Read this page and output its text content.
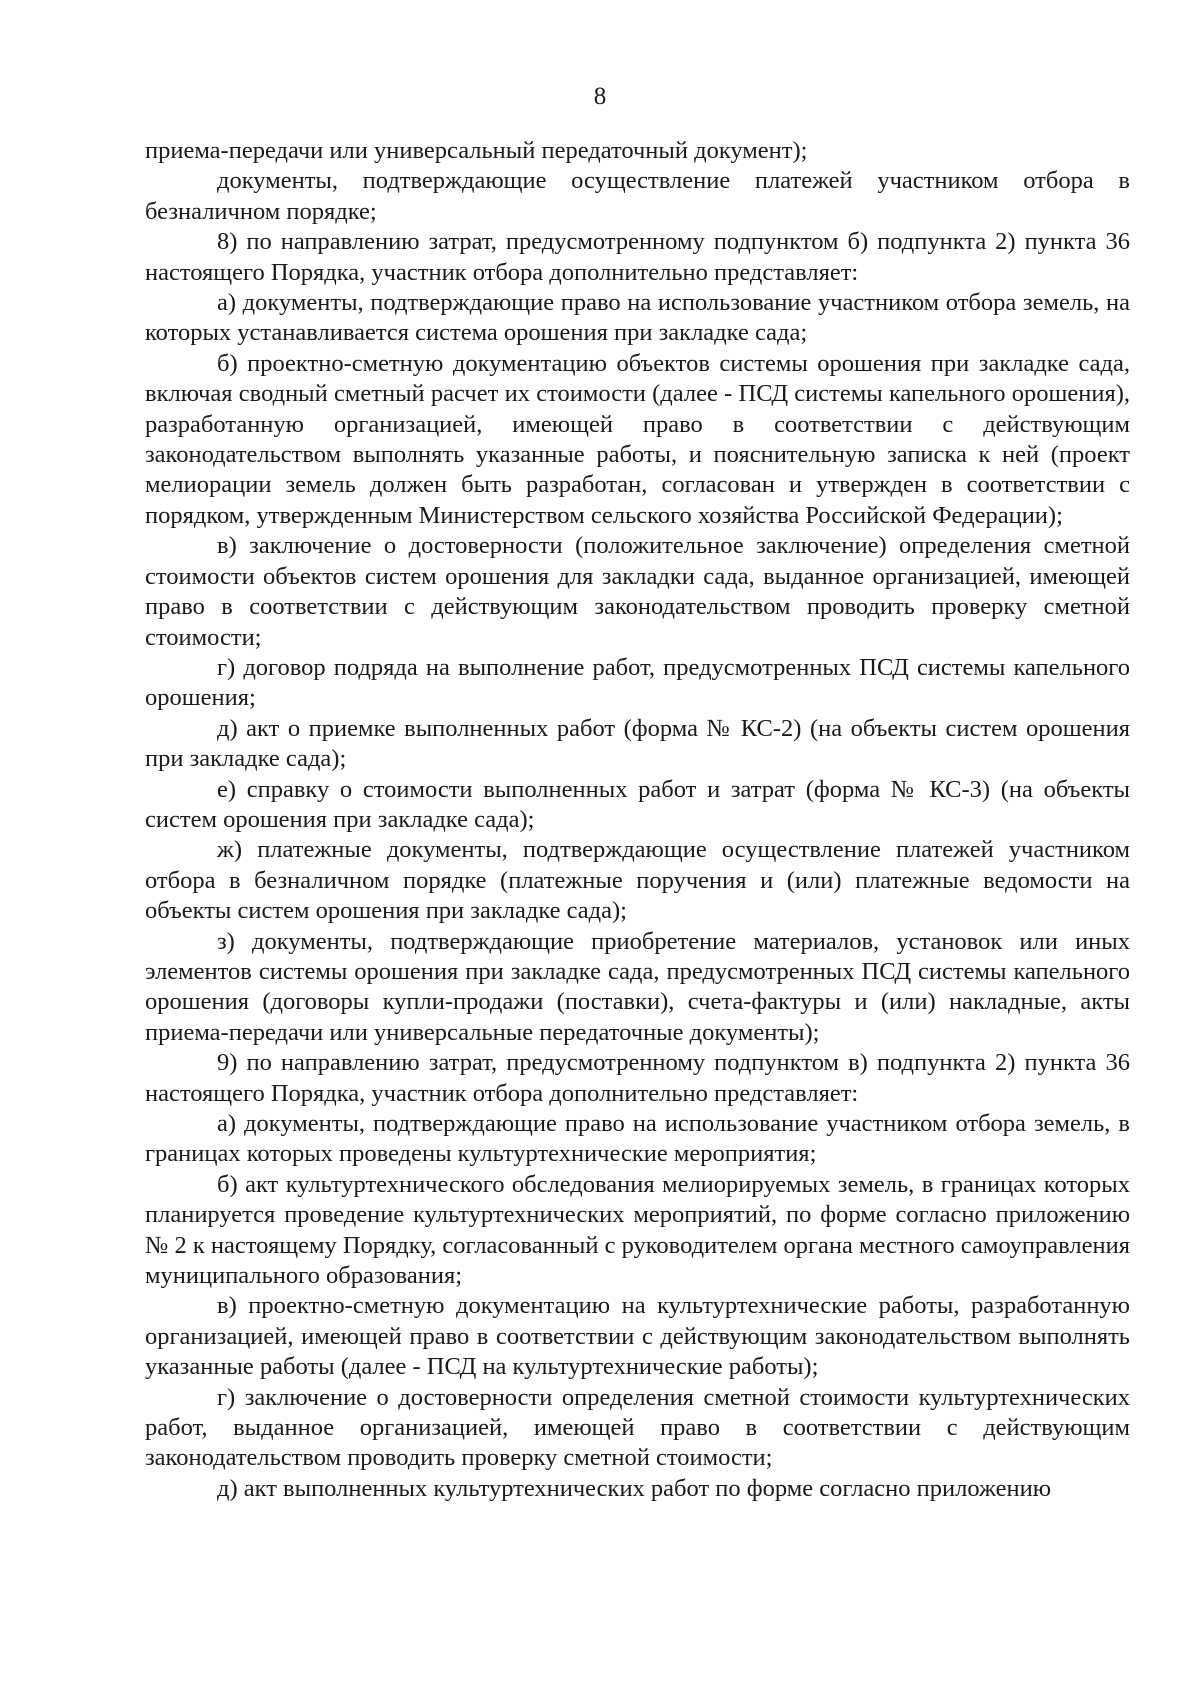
8

приема-передачи или универсальный передаточный документ);

документы, подтверждающие осуществление платежей участником отбора в безналичном порядке;

8) по направлению затрат, предусмотренному подпунктом б) подпункта 2) пункта 36 настоящего Порядка, участник отбора дополнительно представляет:

а) документы, подтверждающие право на использование участником отбора земель, на которых устанавливается система орошения при закладке сада;

б) проектно-сметную документацию объектов системы орошения при закладке сада, включая сводный сметный расчет их стоимости (далее - ПСД системы капельного орошения), разработанную организацией, имеющей право в соответствии с действующим законодательством выполнять указанные работы, и пояснительную записка к ней (проект мелиорации земель должен быть разработан, согласован и утвержден в соответствии с порядком, утвержденным Министерством сельского хозяйства Российской Федерации);

в) заключение о достоверности (положительное заключение) определения сметной стоимости объектов систем орошения для закладки сада, выданное организацией, имеющей право в соответствии с действующим законодательством проводить проверку сметной стоимости;

г) договор подряда на выполнение работ, предусмотренных ПСД системы капельного орошения;

д) акт о приемке выполненных работ (форма № КС-2) (на объекты систем орошения при закладке сада);

е) справку о стоимости выполненных работ и затрат (форма № КС-3) (на объекты систем орошения при закладке сада);

ж) платежные документы, подтверждающие осуществление платежей участником отбора в безналичном порядке (платежные поручения и (или) платежные ведомости на объекты систем орошения при закладке сада);

з) документы, подтверждающие приобретение материалов, установок или иных элементов системы орошения при закладке сада, предусмотренных ПСД системы капельного орошения (договоры купли-продажи (поставки), счета-фактуры и (или) накладные, акты приема-передачи или универсальные передаточные документы);

9) по направлению затрат, предусмотренному подпунктом в) подпункта 2) пункта 36 настоящего Порядка, участник отбора дополнительно представляет:

а) документы, подтверждающие право на использование участником отбора земель, в границах которых проведены культуртехнические мероприятия;

б) акт культуртехнического обследования мелиорируемых земель, в границах которых планируется проведение культуртехнических мероприятий, по форме согласно приложению № 2 к настоящему Порядку, согласованный с руководителем органа местного самоуправления муниципального образования;

в) проектно-сметную документацию на культуртехнические работы, разработанную организацией, имеющей право в соответствии с действующим законодательством выполнять указанные работы (далее - ПСД на культуртехнические работы);

г) заключение о достоверности определения сметной стоимости культуртехнических работ, выданное организацией, имеющей право в соответствии с действующим законодательством проводить проверку сметной стоимости;

д) акт выполненных культуртехнических работ по форме согласно приложению
